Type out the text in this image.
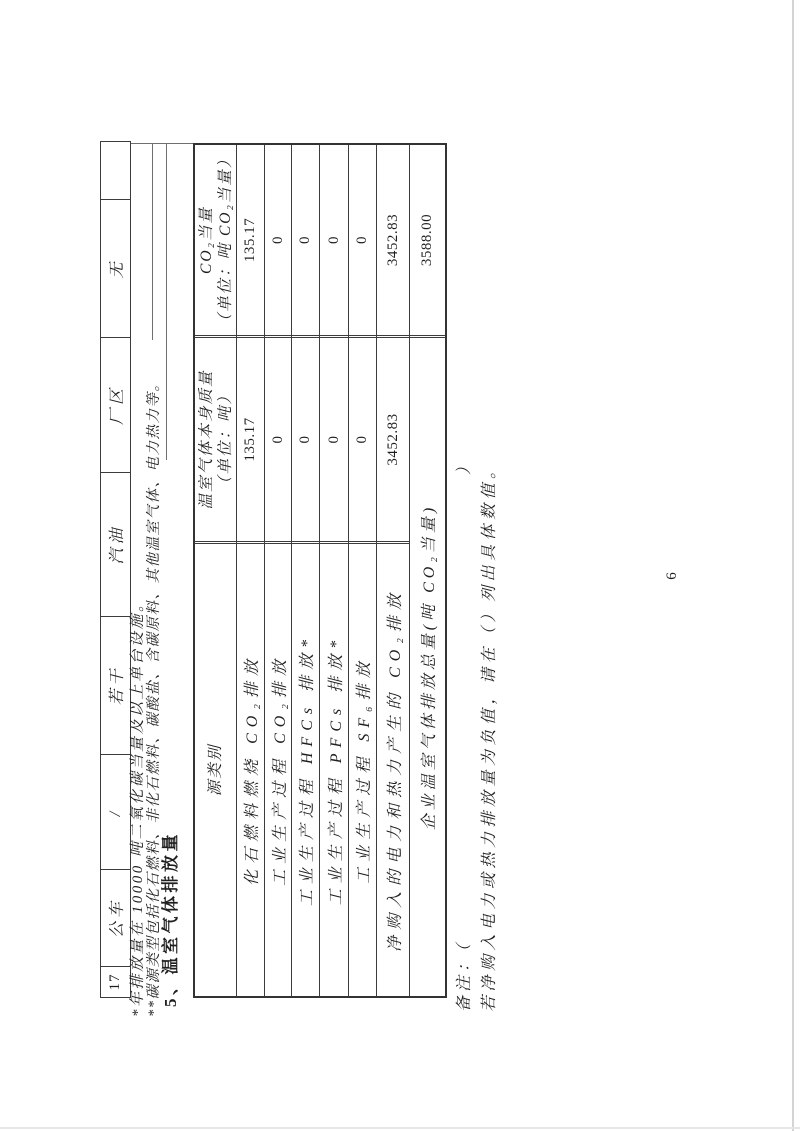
17
公车
/
若干
汽油
厂区
无
*年排放量在 10000 吨二氧化碳当量及以上单台设施。 **碳源类型包括化石燃料、非化石燃料、碳酸盐、含碳原料、其他温室气体、电力热力等。 5、温室气体排放量
源类别
温室气体本身质量 （单位：吨）
CO₂当量 （单位：吨 CO₂当量）
化石燃料燃烧 CO₂排放
135.17
135.17
工业生产过程 CO₂排放
0
0
工业生产过程 HFCs 排放*
0
0
工业生产过程 PFCs 排放*
0
0
工业生产过程 SF₆排放
0
0
净购入的电力和热力产生的 CO₂排放
3452.83
3452.83
企业温室气体排放总量(吨 CO₂当量)
3588.00
备注：（
） 若净购入电力或热力排放量为负值，请在（）列出具体数值。	6
